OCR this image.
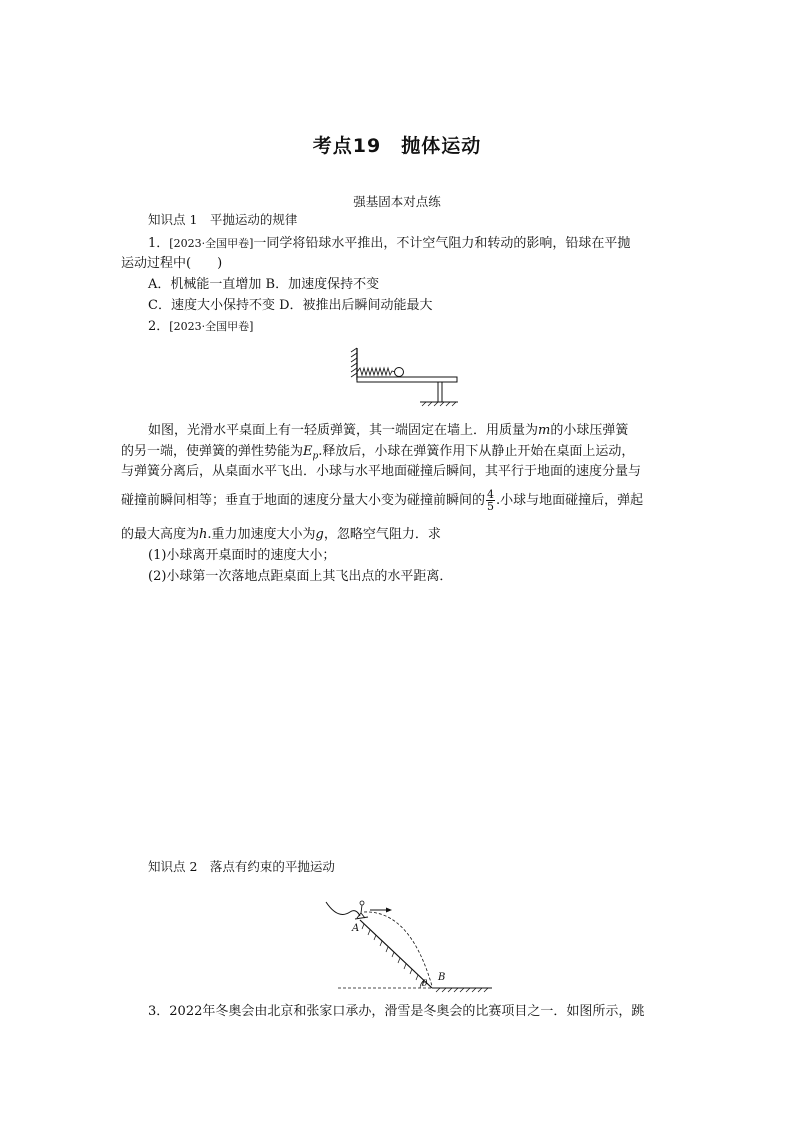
考点19　抛体运动
强基固本对点练
知识点 1　平抛运动的规律
1．[2023·全国甲卷]一同学将铅球水平推出，不计空气阻力和转动的影响，铅球在平抛
运动过程中(　　)
A．机械能一直增加 B．加速度保持不变
C．速度大小保持不变 D．被推出后瞬间动能最大
2．[2023·全国甲卷]
如图，光滑水平桌面上有一轻质弹簧，其一端固定在墙上．用质量为m的小球压弹簧
的另一端，使弹簧的弹性势能为$E_p$.释放后，小球在弹簧作用下从静止开始在桌面上运动，
与弹簧分离后，从桌面水平飞出．小球与水平地面碰撞后瞬间，其平行于地面的速度分量与
碰撞前瞬间相等；垂直于地面的速度分量大小变为碰撞前瞬间的 $\frac{4}{5}$ .小球与地面碰撞后，弹起
的最大高度为h.重力加速度大小为g，忽略空气阻力．求
(1)小球离开桌面时的速度大小；
(2)小球第一次落地点距桌面上其飞出点的水平距离．
知识点 2　落点有约束的平抛运动
A
B
θ
3．2022年冬奥会由北京和张家口承办，滑雪是冬奥会的比赛项目之一．如图所示，跳
